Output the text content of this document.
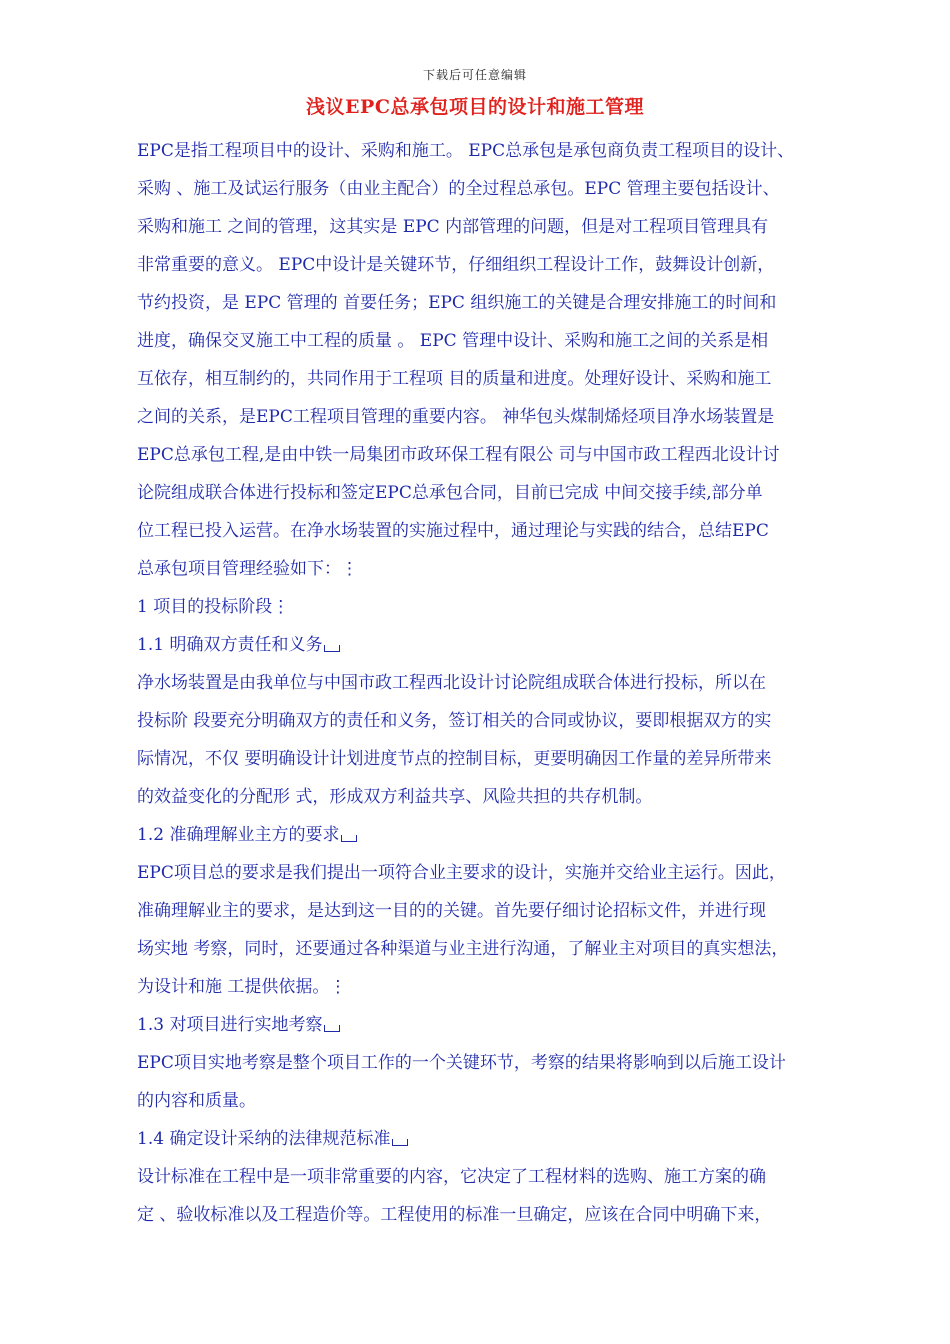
下载后可任意编辑
浅议EPC总承包项目的设计和施工管理
EPC是指工程项目中的设计、采购和施工。 EPC总承包是承包商负责工程项目的设计、
采购 、施工及试运行服务（由业主配合）的全过程总承包。EPC 管理主要包括设计、
采购和施工 之间的管理，这其实是 EPC 内部管理的问题，但是对工程项目管理具有
非常重要的意义。 EPC中设计是关键环节，仔细组织工程设计工作，鼓舞设计创新，
节约投资，是 EPC 管理的 首要任务；EPC 组织施工的关键是合理安排施工的时间和
进度，确保交叉施工中工程的质量 。 EPC 管理中设计、采购和施工之间的关系是相
互依存，相互制约的，共同作用于工程项 目的质量和进度。处理好设计、采购和施工
之间的关系，是EPC工程项目管理的重要内容。 神华包头煤制烯烃项目净水场装置是
EPC总承包工程,是由中铁一局集团市政环保工程有限公 司与中国市政工程西北设计讨
论院组成联合体进行投标和签定EPC总承包合同，目前已完成 中间交接手续,部分单
位工程已投入运营。在净水场装置的实施过程中，通过理论与实践的结合，总结EPC
总承包项目管理经验如下：⋮
1 项目的投标阶段⋮
1.1 明确双方责任和义务
净水场装置是由我单位与中国市政工程西北设计讨论院组成联合体进行投标，所以在
投标阶 段要充分明确双方的责任和义务，签订相关的合同或协议，要即根据双方的实
际情况，不仅 要明确设计计划进度节点的控制目标，更要明确因工作量的差异所带来
的效益变化的分配形 式，形成双方利益共享、风险共担的共存机制。
1.2 准确理解业主方的要求
EPC项目总的要求是我们提出一项符合业主要求的设计，实施并交给业主运行。因此，
准确理解业主的要求，是达到这一目的的关键。首先要仔细讨论招标文件，并进行现
场实地 考察，同时，还要通过各种渠道与业主进行沟通，了解业主对项目的真实想法，
为设计和施 工提供依据。⋮
1.3 对项目进行实地考察
EPC项目实地考察是整个项目工作的一个关键环节，考察的结果将影响到以后施工设计
的内容和质量。
1.4 确定设计采纳的法律规范标准
设计标准在工程中是一项非常重要的内容，它决定了工程材料的选购、施工方案的确
定 、验收标准以及工程造价等。工程使用的标准一旦确定，应该在合同中明确下来，
